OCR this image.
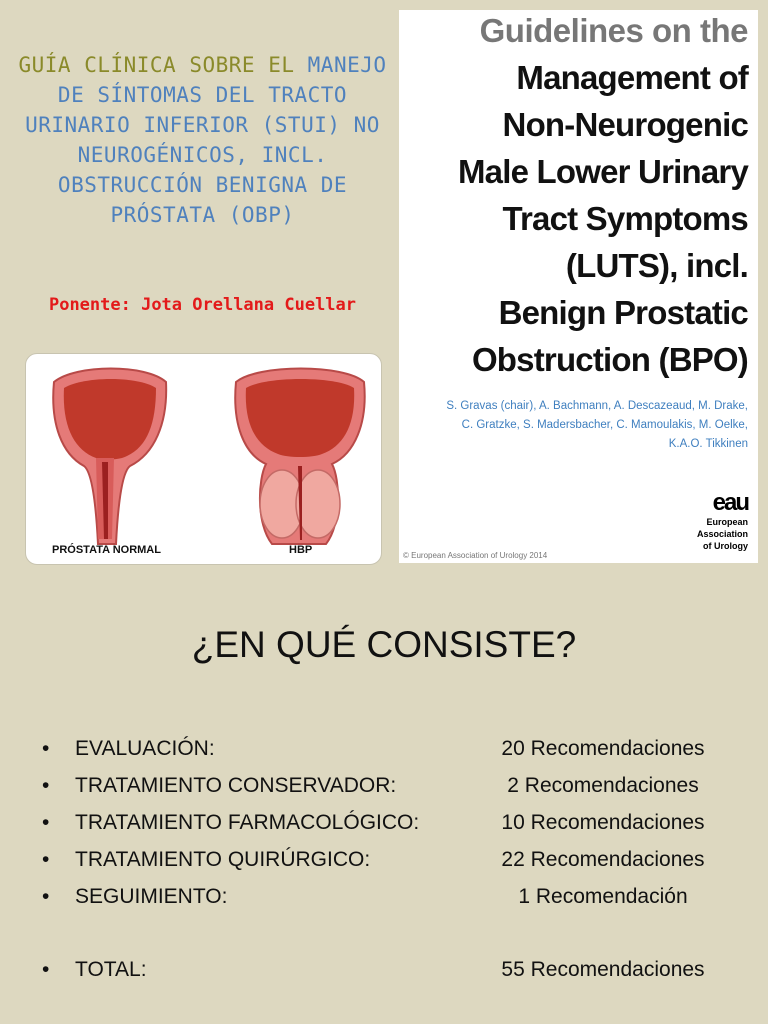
GUÍA CLÍNICA SOBRE EL MANEJO DE SÍNTOMAS DEL TRACTO URINARIO INFERIOR (STUI) NO NEUROGÉNICOS, INCL. OBSTRUCCIÓN BENIGNA DE PRÓSTATA (OBP)
Ponente: Jota Orellana Cuellar
PRÓSTATA NORMAL	HBP
Guidelines on the
Management of
Non-Neurogenic
Male Lower Urinary
Tract Symptoms
(LUTS), incl.
Benign Prostatic
Obstruction (BPO)
S. Gravas (chair), A. Bachmann, A. Descazeaud, M. Drake,
C. Gratzke, S. Madersbacher, C. Mamoulakis, M. Oelke,
K.A.O. Tikkinen
eau
European
Association
of Urology
© European Association of Urology 2014
¿EN QUÉ CONSISTE?
• EVALUACIÓN:	20 Recomendaciones
• TRATAMIENTO CONSERVADOR:	2 Recomendaciones
• TRATAMIENTO FARMACOLÓGICO:	10 Recomendaciones
• TRATAMIENTO QUIRÚRGICO:	22 Recomendaciones
• SEGUIMIENTO:	1 Recomendación
• TOTAL:	55 Recomendaciones
